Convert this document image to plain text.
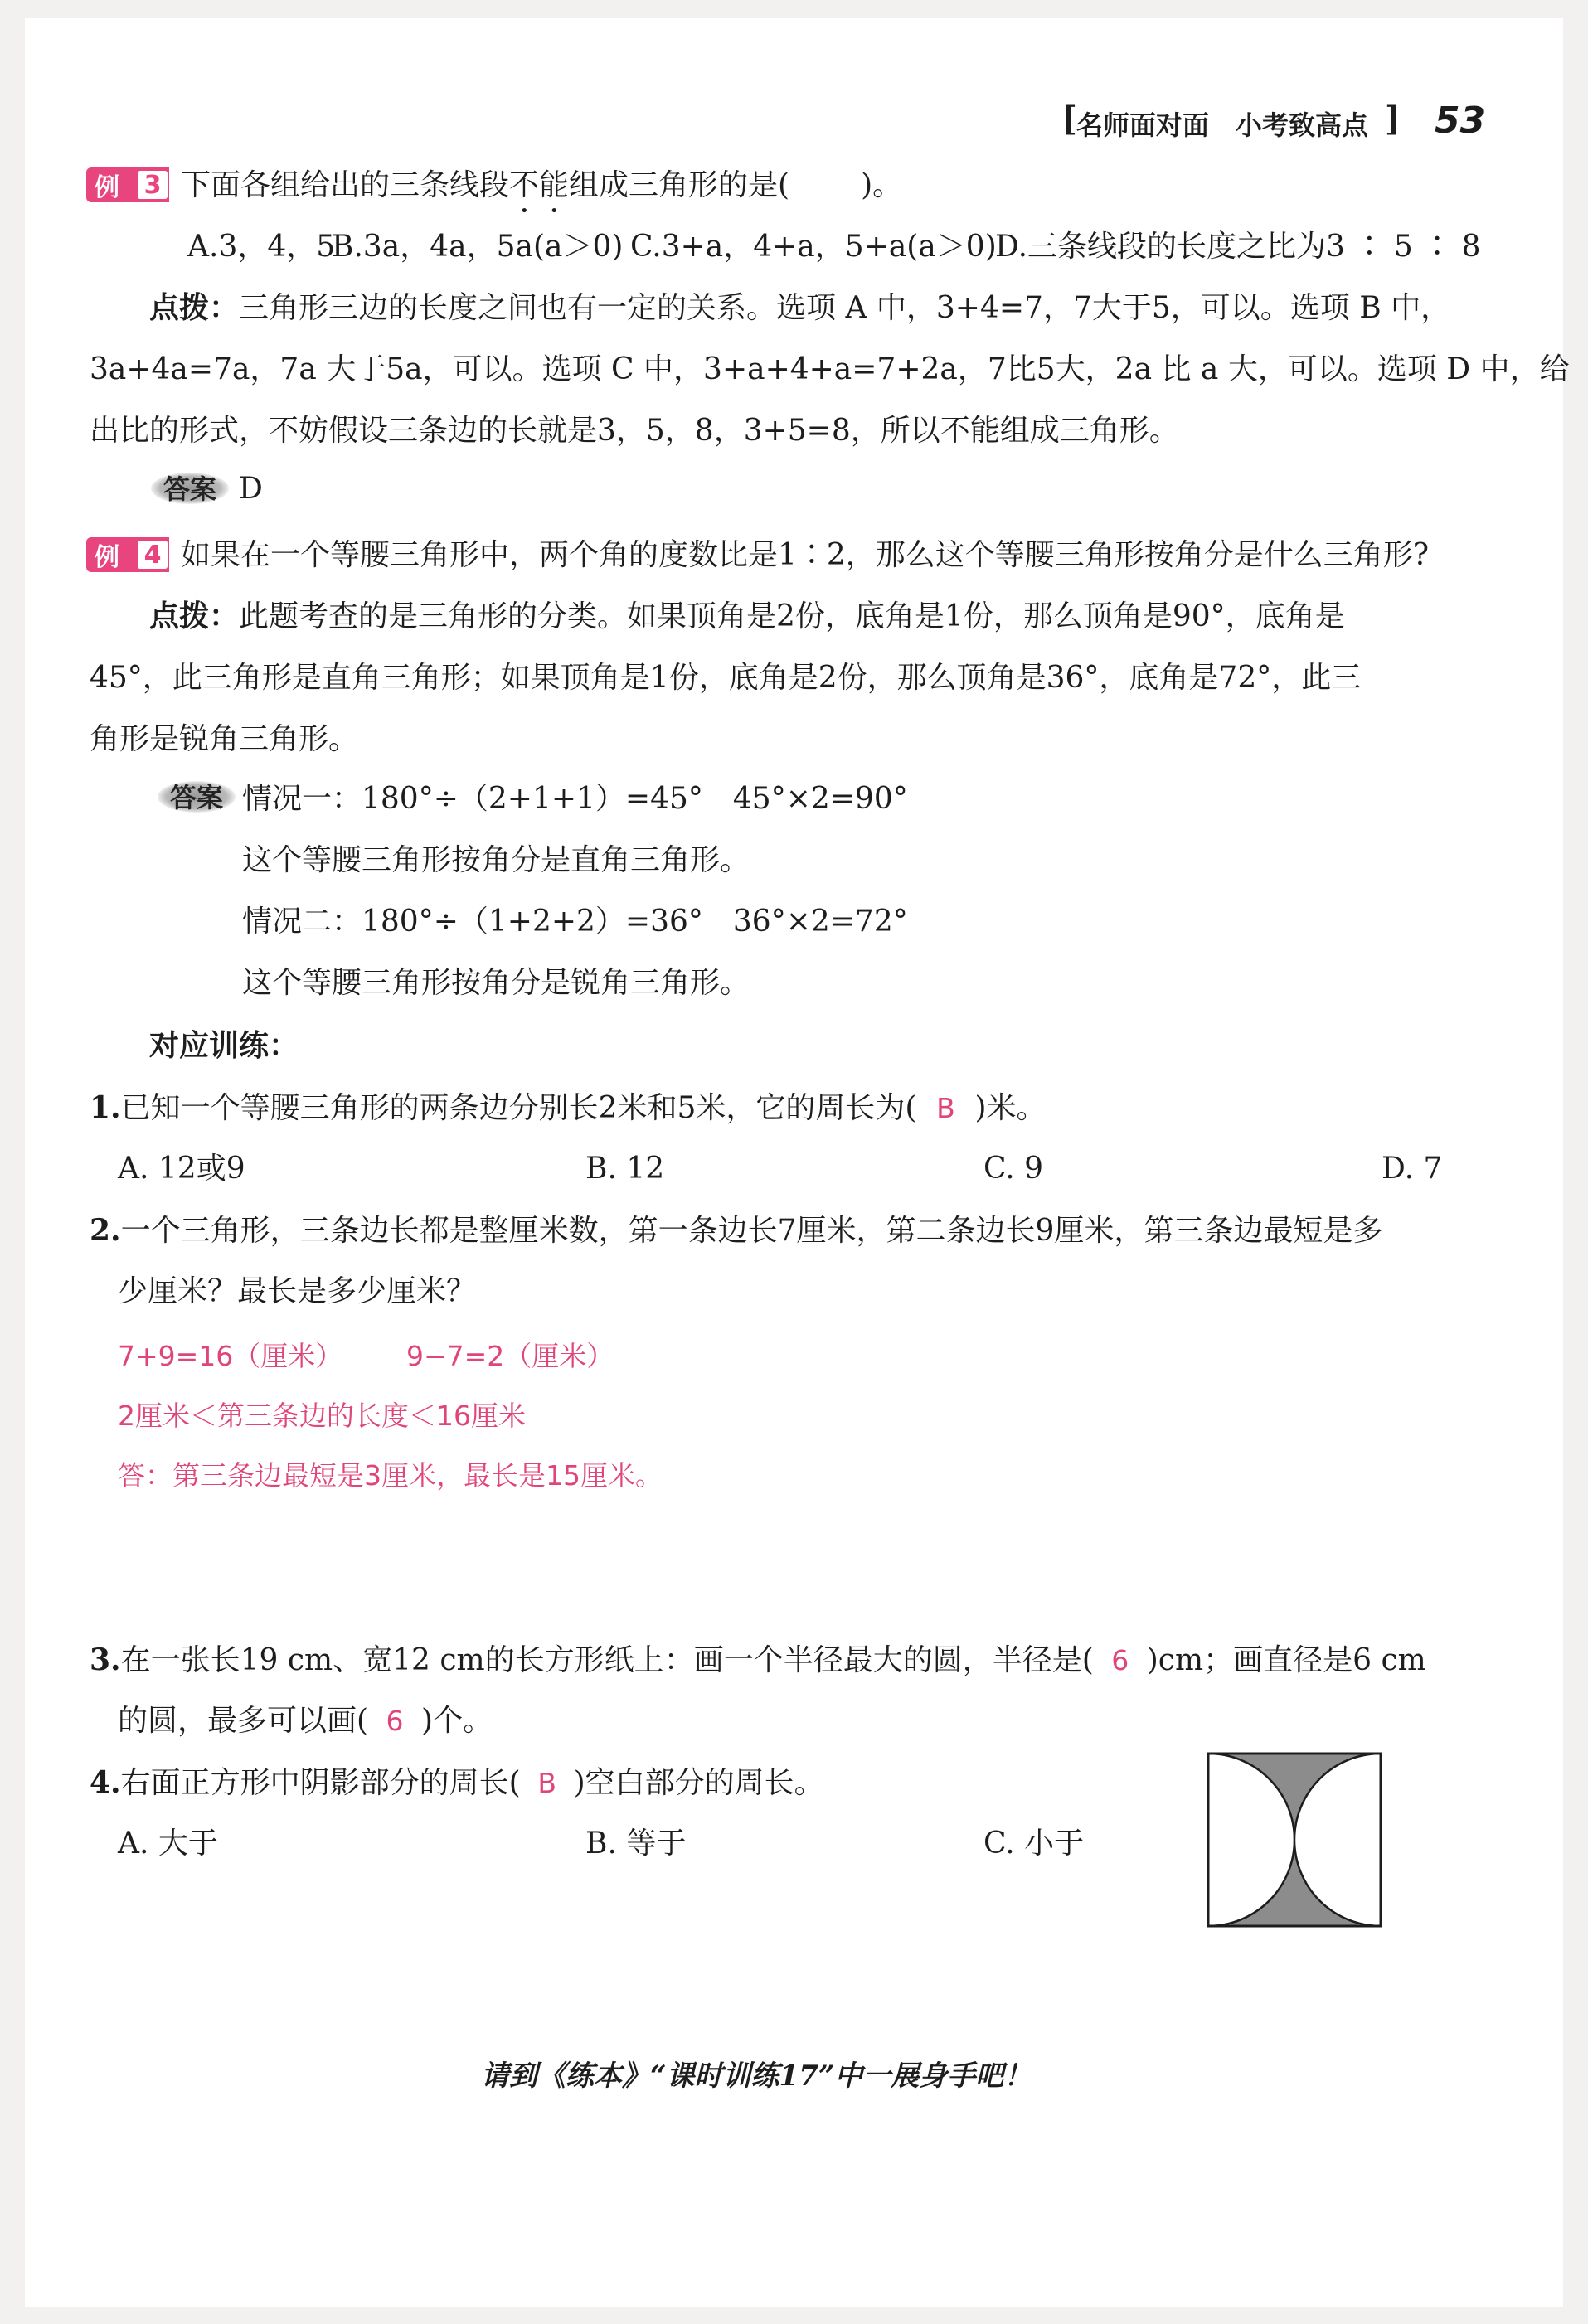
[ 名师面对面 小考致高点 ] 53
例 3 下面各组给出的三条线段不能组成三角形的是( )。
A.3，4，5
B.3a，4a，5a(a＞0) C.3+a，4+a，5+a(a＞0)
D.三条线段的长度之比为3 ∶ 5 ∶ 8
点拨：三角形三边的长度之间也有一定的关系。选项 A 中，3+4=7，7大于5，可以。选项 B 中，
3a+4a=7a，7a 大于5a，可以。选项 C 中，3+a+4+a=7+2a，7比5大，2a 比 a 大，可以。选项 D 中，给
出比的形式，不妨假设三条边的长就是3，5，8，3+5=8，所以不能组成三角形。
答案 D
例 4 如果在一个等腰三角形中，两个角的度数比是1∶2，那么这个等腰三角形按角分是什么三角形?
点拨：此题考查的是三角形的分类。如果顶角是2份，底角是1份，那么顶角是90°，底角是
45°，此三角形是直角三角形；如果顶角是1份，底角是2份，那么顶角是36°，底角是72°，此三
角形是锐角三角形。
答案 情况一：180°÷（2+1+1）=45°　45°×2=90°
这个等腰三角形按角分是直角三角形。
情况二：180°÷（1+2+2）=36°　36°×2=72°
这个等腰三角形按角分是锐角三角形。
对应训练：
1.已知一个等腰三角形的两条边分别长2米和5米，它的周长为( B )米。
A. 12或9	B. 12	C. 9	D. 7
2.一个三角形，三条边长都是整厘米数，第一条边长7厘米，第二条边长9厘米，第三条边最短是多
少厘米？最长是多少厘米？
7+9=16（厘米） 9−7=2（厘米）
2厘米＜第三条边的长度＜16厘米
答：第三条边最短是3厘米，最长是15厘米。
3.在一张长19 cm、宽12 cm的长方形纸上：画一个半径最大的圆，半径是( 6 )cm；画直径是6 cm
的圆，最多可以画( 6 )个。
4.右面正方形中阴影部分的周长( B )空白部分的周长。
A. 大于	B. 等于	C. 小于
请到《练本》“课时训练17”中一展身手吧！
